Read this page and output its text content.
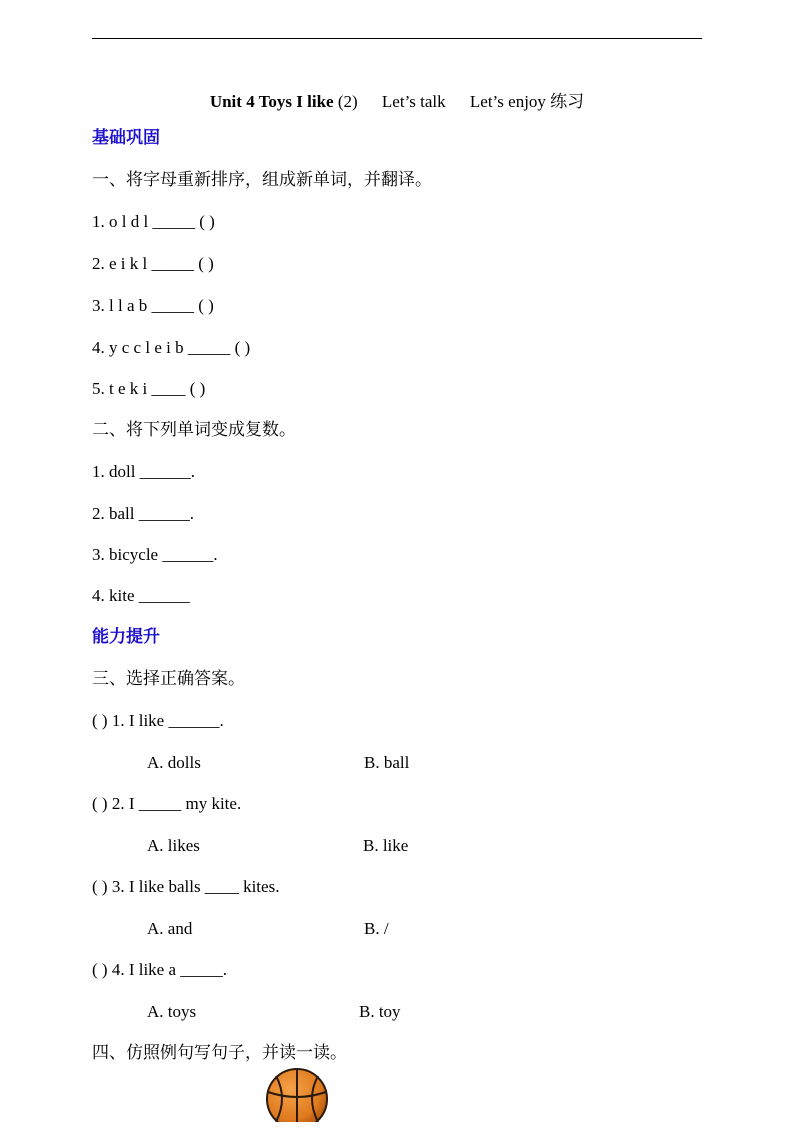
Unit 4 Toys I like (2) Let’s talk Let’s enjoy 练习
基础巩固
一、将字母重新排序，组成新单词，并翻译。
1. o l d l _____ ( )
2. e i k l _____ ( )
3. l l a b _____ ( )
4. y c c l e i b _____ ( )
5. t e k i ____ ( )
二、将下列单词变成复数。
1. doll ______.
2. ball ______.
3. bicycle ______.
4. kite ______
能力提升
三、选择正确答案。
( ) 1. I like ______.
A. dolls	B. ball
( ) 2. I _____ my kite.
A. likes	B. like
( ) 3. I like balls ____ kites.
A. and	B. /
( ) 4. I like a _____.
A. toys	B. toy
四、仿照例句写句子，并读一读。
